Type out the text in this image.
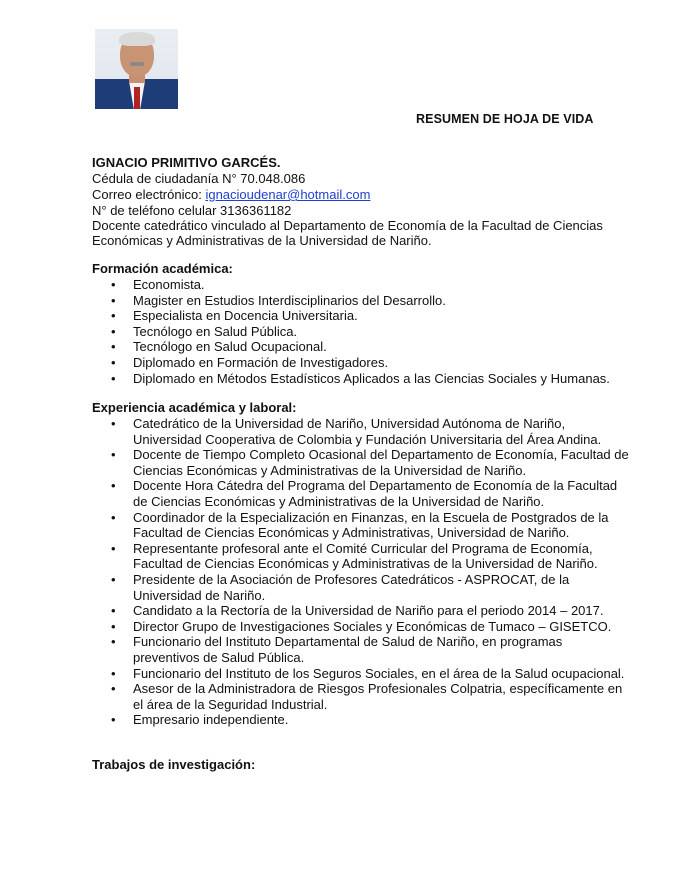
RESUMEN DE HOJA DE VIDA
IGNACIO PRIMITIVO GARCÉS.
Cédula de ciudadanía N° 70.048.086
Correo electrónico: ignacioudenar@hotmail.com
N° de teléfono celular 3136361182
Docente catedrático vinculado al Departamento de Economía de la Facultad de Ciencias
Económicas y Administrativas de la Universidad de Nariño.
Formación académica:
• Economista.
• Magister en Estudios Interdisciplinarios del Desarrollo.
• Especialista en Docencia Universitaria.
• Tecnólogo en Salud Pública.
• Tecnólogo en Salud Ocupacional.
• Diplomado en Formación de Investigadores.
• Diplomado en Métodos Estadísticos Aplicados a las Ciencias Sociales y Humanas.
Experiencia académica y laboral:
• Catedrático de la Universidad de Nariño, Universidad Autónoma de Nariño, Universidad Cooperativa de Colombia y Fundación Universitaria del Área Andina.
• Docente de Tiempo Completo Ocasional del Departamento de Economía, Facultad de Ciencias Económicas y Administrativas de la Universidad de Nariño.
• Docente Hora Cátedra del Programa del Departamento de Economía de la Facultad de Ciencias Económicas y Administrativas de la Universidad de Nariño.
• Coordinador de la Especialización en Finanzas, en la Escuela de Postgrados de la Facultad de Ciencias Económicas y Administrativas, Universidad de Nariño.
• Representante profesoral ante el Comité Curricular del Programa de Economía, Facultad de Ciencias Económicas y Administrativas de la Universidad de Nariño.
• Presidente de la Asociación de Profesores Catedráticos - ASPROCAT, de la Universidad de Nariño.
• Candidato a la Rectoría de la Universidad de Nariño para el periodo 2014 – 2017.
• Director Grupo de Investigaciones Sociales y Económicas de Tumaco – GISETCO.
• Funcionario del Instituto Departamental de Salud de Nariño, en programas preventivos de Salud Pública.
• Funcionario del Instituto de los Seguros Sociales, en el área de la Salud ocupacional.
• Asesor de la Administradora de Riesgos Profesionales Colpatria, específicamente en el área de la Seguridad Industrial.
• Empresario independiente.
Trabajos de investigación:
